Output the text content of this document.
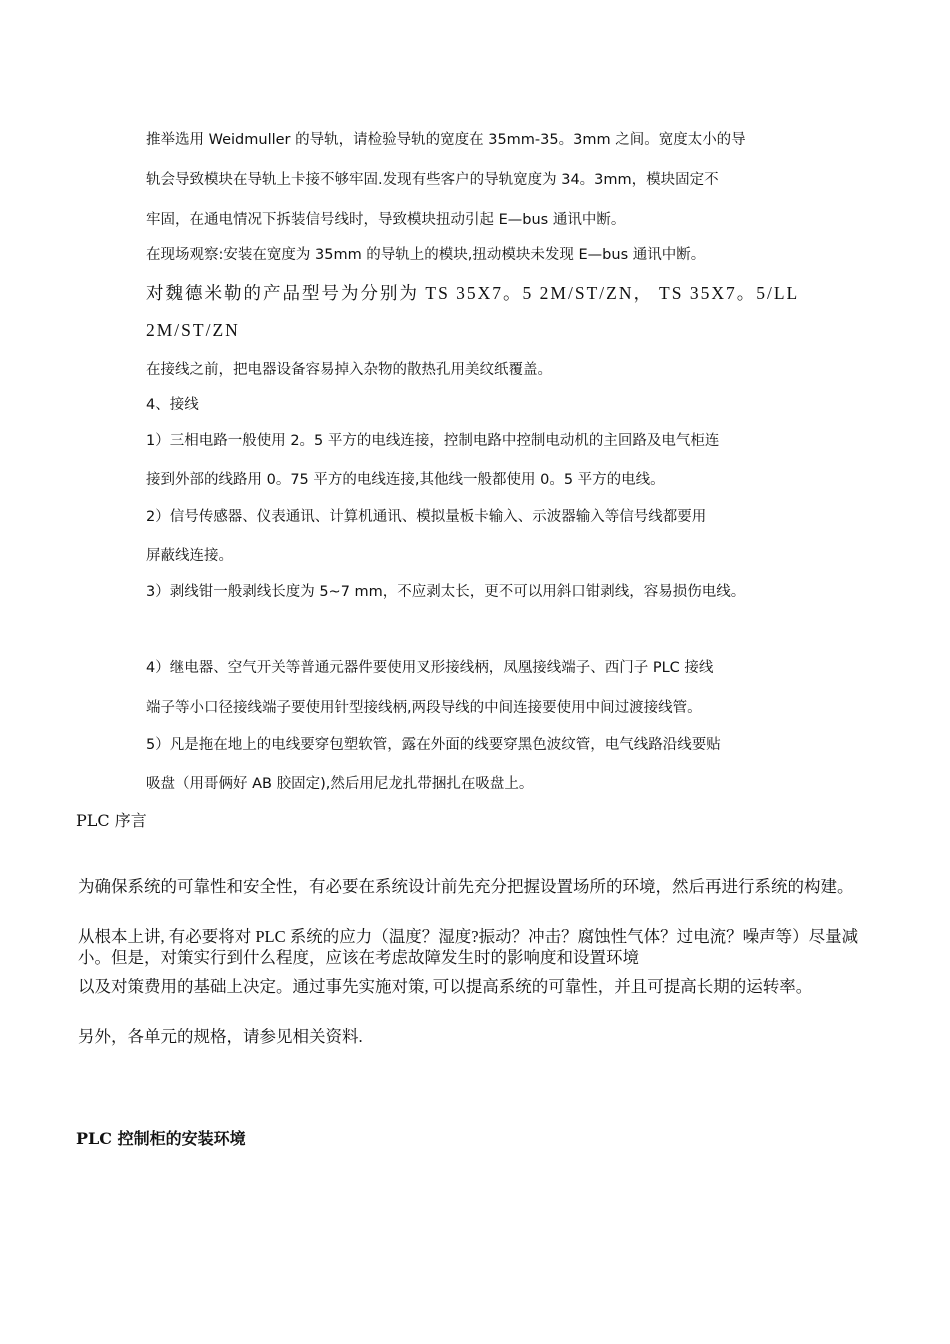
推举选用 Weidmuller 的导轨，请检验导轨的宽度在 35mm-35。3mm 之间。宽度太小的导

轨会导致模块在导轨上卡接不够牢固.发现有些客户的导轨宽度为 34。3mm，模块固定不

牢固，在通电情况下拆装信号线时，导致模块扭动引起 E—bus 通讯中断。

在现场观察:安装在宽度为 35mm 的导轨上的模块,扭动模块未发现 E—bus 通讯中断。

对魏德米勒的产品型号为分别为 TS 35X7。5 2M/ST/ZN， TS 35X7。5/LL

2M/ST/ZN

在接线之前，把电器设备容易掉入杂物的散热孔用美纹纸覆盖。

4、接线

1）三相电路一般使用 2。5 平方的电线连接，控制电路中控制电动机的主回路及电气柜连

接到外部的线路用 0。75 平方的电线连接,其他线一般都使用 0。5 平方的电线。

2）信号传感器、仪表通讯、计算机通讯、模拟量板卡输入、示波器输入等信号线都要用

屏蔽线连接。

3）剥线钳一般剥线长度为 5~7 mm，不应剥太长，更不可以用斜口钳剥线，容易损伤电线。

4）继电器、空气开关等普通元器件要使用叉形接线柄，凤凰接线端子、西门子 PLC 接线

端子等小口径接线端子要使用针型接线柄,两段导线的中间连接要使用中间过渡接线管。

5）凡是拖在地上的电线要穿包塑软管，露在外面的线要穿黑色波纹管，电气线路沿线要贴

吸盘（用哥俩好 AB 胶固定),然后用尼龙扎带捆扎在吸盘上。

PLC 序言

为确保系统的可靠性和安全性，有必要在系统设计前先充分把握设置场所的环境，然后再进行系统的构建。

从根本上讲, 有必要将对 PLC 系统的应力（温度？湿度?振动？冲击？腐蚀性气体？过电流？噪声等）尽量减小。但是，对策实行到什么程度，应该在考虑故障发生时的影响度和设置环境

以及对策费用的基础上决定。通过事先实施对策, 可以提高系统的可靠性，并且可提高长期的运转率。

另外，各单元的规格，请参见相关资料.

PLC 控制柜的安装环境
